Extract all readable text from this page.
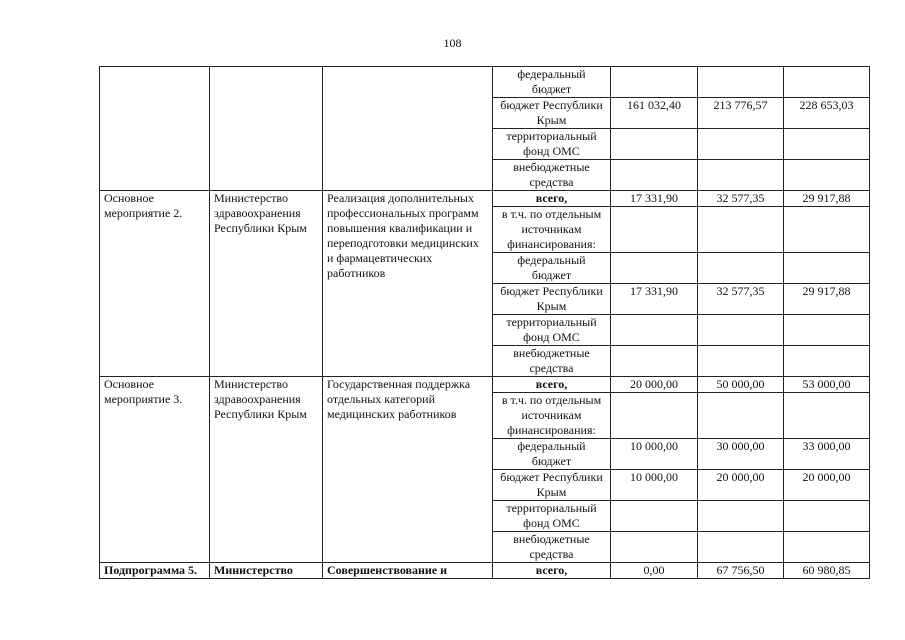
108
			федеральный бюджет			
			бюджет Республики Крым	161 032,40	213 776,57	228 653,03
			территориальный фонд ОМС			
			внебюджетные средства			
Основное мероприятие 2.	Министерство здравоохранения Республики Крым	Реализация дополнительных профессиональных программ повышения квалификации и переподготовки медицинских и фармацевтических работников	всего,	17 331,90	32 577,35	29 917,88
			в т.ч. по отдельным источникам финансирования:			
			федеральный бюджет			
			бюджет Республики Крым	17 331,90	32 577,35	29 917,88
			территориальный фонд ОМС			
			внебюджетные средства			
Основное мероприятие 3.	Министерство здравоохранения Республики Крым	Государственная поддержка отдельных категорий медицинских работников	всего,	20 000,00	50 000,00	53 000,00
			в т.ч. по отдельным источникам финансирования:			
			федеральный бюджет	10 000,00	30 000,00	33 000,00
			бюджет Республики Крым	10 000,00	20 000,00	20 000,00
			территориальный фонд ОМС			
			внебюджетные средства			
Подпрограмма 5.	Министерство	Совершенствование и	всего,	0,00	67 756,50	60 980,85
